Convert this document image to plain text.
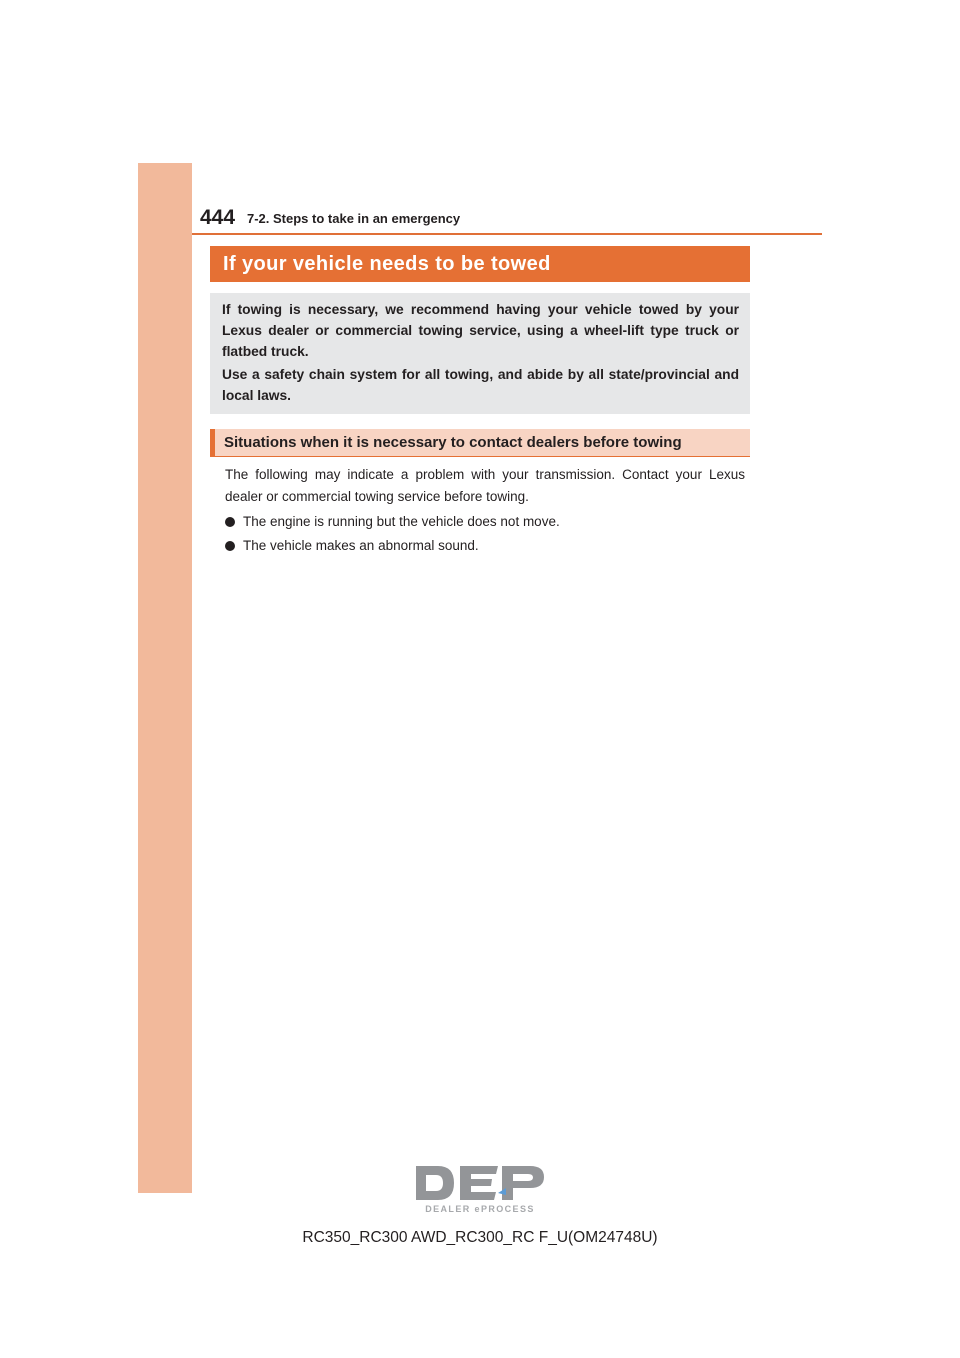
444 7-2. Steps to take in an emergency
If your vehicle needs to be towed

If towing is necessary, we recommend having your vehicle towed by your Lexus dealer or commercial towing service, using a wheel-lift type truck or flatbed truck.

Use a safety chain system for all towing, and abide by all state/provincial and local laws.

Situations when it is necessary to contact dealers before towing

The following may indicate a problem with your transmission. Contact your Lexus dealer or commercial towing service before towing.

The engine is running but the vehicle does not move.
The vehicle makes an abnormal sound.
DEALER ePROCESS
RC350_RC300 AWD_RC300_RC F_U(OM24748U)
